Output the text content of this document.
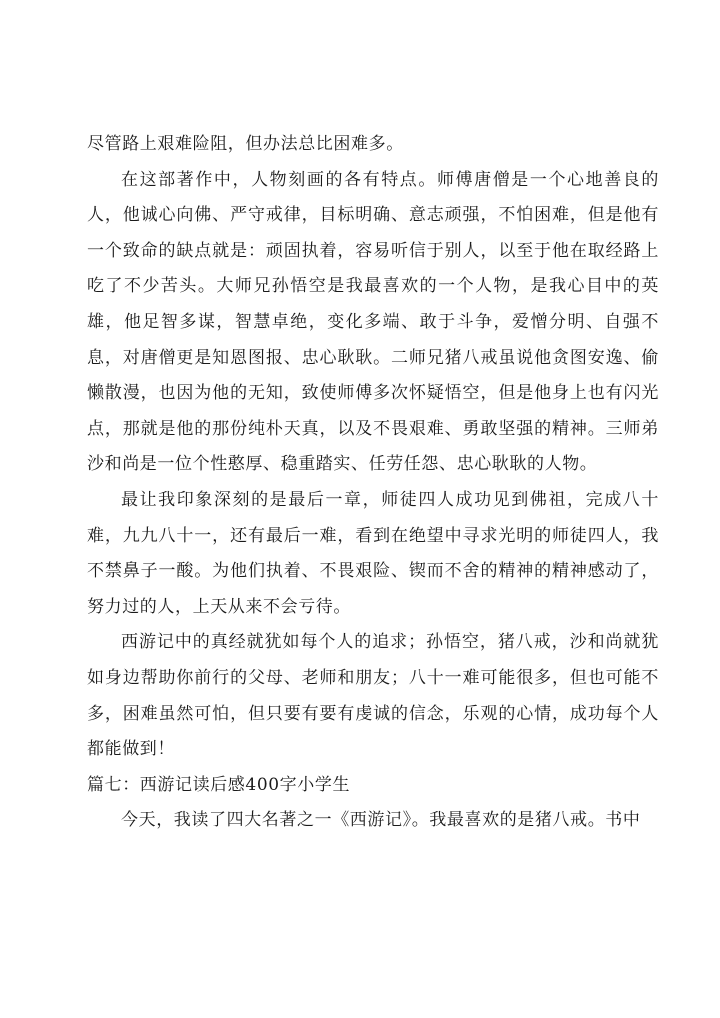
尽管路上艰难险阻，但办法总比困难多。

在这部著作中，人物刻画的各有特点。师傅唐僧是一个心地善良的人，他诚心向佛、严守戒律，目标明确、意志顽强，不怕困难，但是他有一个致命的缺点就是：顽固执着，容易听信于别人，以至于他在取经路上吃了不少苦头。大师兄孙悟空是我最喜欢的一个人物，是我心目中的英雄，他足智多谋，智慧卓绝，变化多端、敢于斗争，爱憎分明、自强不息，对唐僧更是知恩图报、忠心耿耿。二师兄猪八戒虽说他贪图安逸、偷懒散漫，也因为他的无知，致使师傅多次怀疑悟空，但是他身上也有闪光点，那就是他的那份纯朴天真，以及不畏艰难、勇敢坚强的精神。三师弟沙和尚是一位个性憨厚、稳重踏实、任劳任怨、忠心耿耿的人物。

最让我印象深刻的是最后一章，师徒四人成功见到佛祖，完成八十难，九九八十一，还有最后一难，看到在绝望中寻求光明的师徒四人，我不禁鼻子一酸。为他们执着、不畏艰险、锲而不舍的精神的精神感动了，努力过的人，上天从来不会亏待。

西游记中的真经就犹如每个人的追求；孙悟空，猪八戒，沙和尚就犹如身边帮助你前行的父母、老师和朋友；八十一难可能很多，但也可能不多，困难虽然可怕，但只要有要有虔诚的信念，乐观的心情，成功每个人都能做到！

篇七：西游记读后感400字小学生

今天，我读了四大名著之一《西游记》。我最喜欢的是猪八戒。书中
